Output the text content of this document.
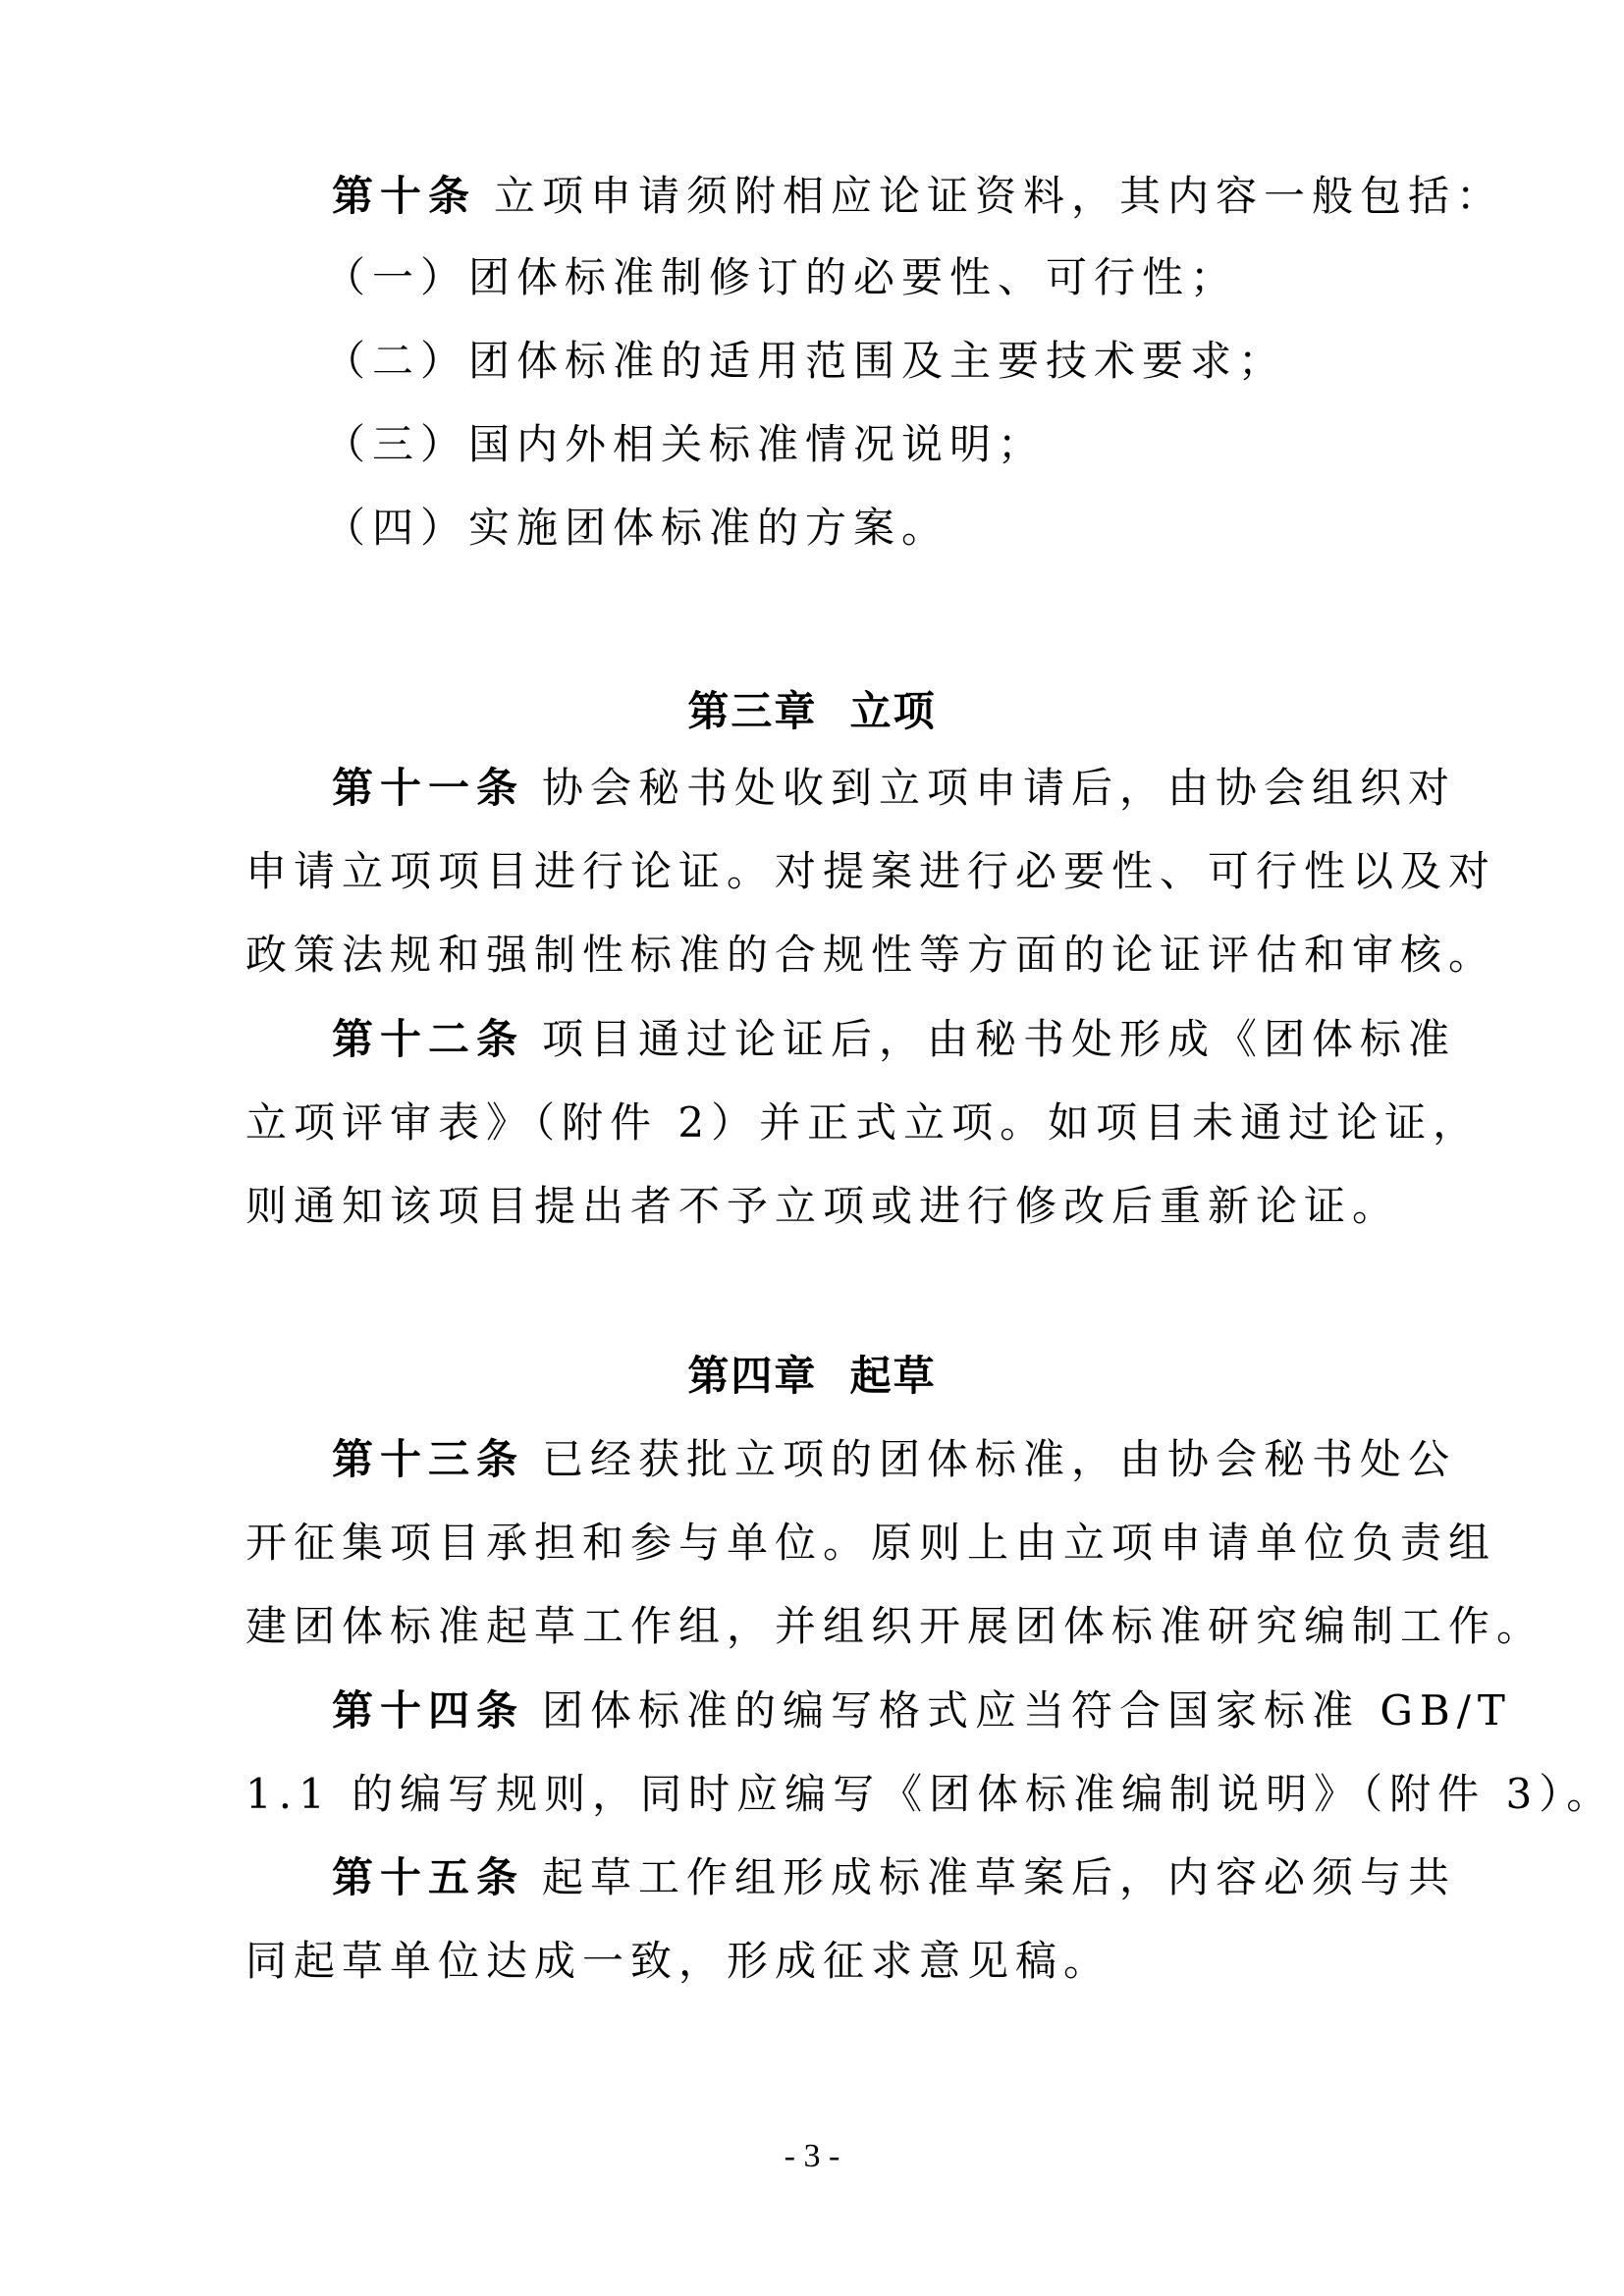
第十条 立项申请须附相应论证资料，其内容一般包括：
（一）团体标准制修订的必要性、可行性；
（二）团体标准的适用范围及主要技术要求；
（三）国内外相关标准情况说明；
（四）实施团体标准的方案。
第三章  立项
第十一条 协会秘书处收到立项申请后，由协会组织对
申请立项项目进行论证。对提案进行必要性、可行性以及对
政策法规和强制性标准的合规性等方面的论证评估和审核。
第十二条 项目通过论证后，由秘书处形成《团体标准
立项评审表》（附件 2）并正式立项。如项目未通过论证，
则通知该项目提出者不予立项或进行修改后重新论证。
第四章  起草
第十三条 已经获批立项的团体标准，由协会秘书处公
开征集项目承担和参与单位。原则上由立项申请单位负责组
建团体标准起草工作组，并组织开展团体标准研究编制工作。
第十四条 团体标准的编写格式应当符合国家标准 GB/T
1.1 的编写规则，同时应编写《团体标准编制说明》（附件 3）。
第十五条 起草工作组形成标准草案后，内容必须与共
同起草单位达成一致，形成征求意见稿。
- 3 -
